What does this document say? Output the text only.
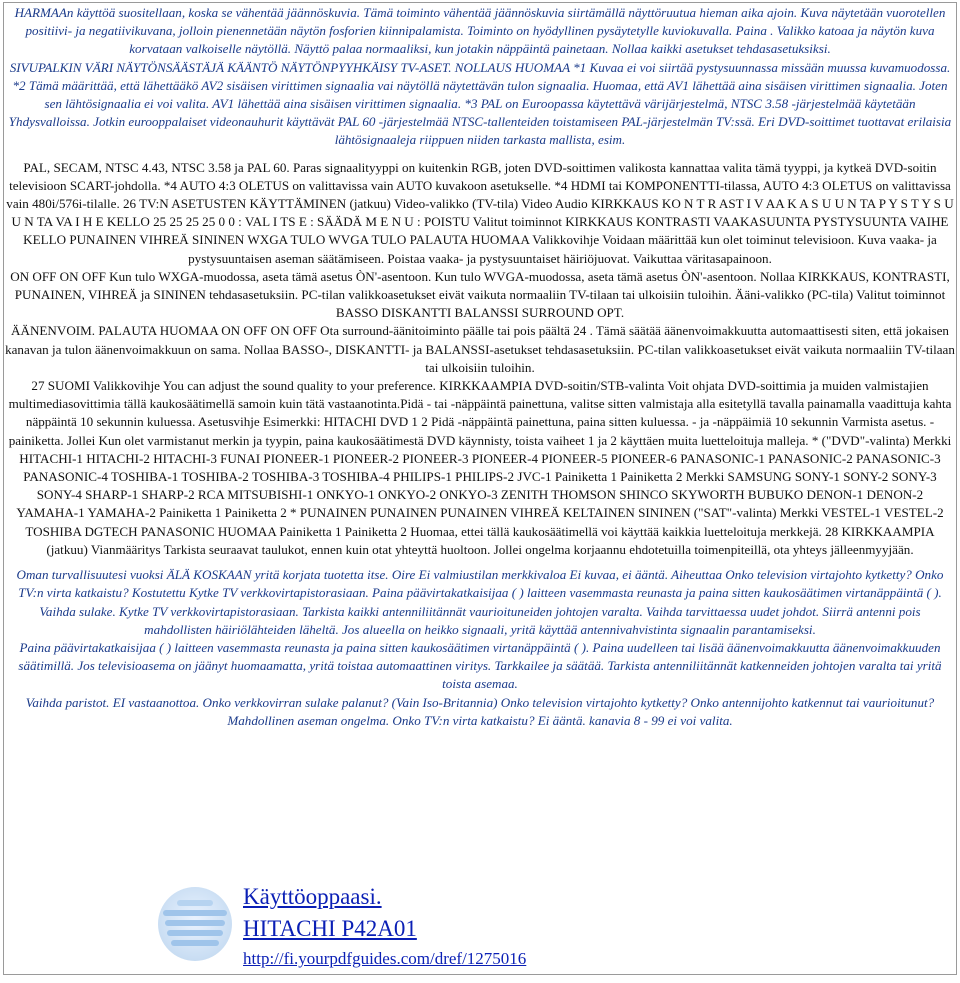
HARMAAn käyttöä suositellaan, koska se vähentää jäännöskuvia. Tämä toiminto vähentää jäännöskuvia siirtämällä näyttöruutua hieman aika ajoin. Kuva näytetään vuorotellen positiivi- ja negatiivikuvana, jolloin pienennetään näytön fosforien kiinnipalamista. Toiminto on hyödyllinen pysäytetylle kuviokuvalla. Paina . Valikko katoaa ja näytön kuva korvataan valkoiselle näytöllä. Näyttö palaa normaaliksi, kun jotakin näppäintä painetaan. Nollaa kaikki asetukset tehdasasetuksiksi.

SIVUPALKIN VÄRI NÄYTÖNSÄÄSTÄJÄ KÄÄNTÖ NÄYTÖNPYYHKÄISY TV-ASET. NOLLAUS HUOMAA *1 Kuvaa ei voi siirtää pystysuunnassa missään muussa kuvamuodossa. *2 Tämä määrittää, että lähettääkö AV2 sisäisen virittimen signaalia vai näytöllä näytettävän tulon signaalia. Huomaa, että AV1 lähettää aina sisäisen virittimen signaalia. Joten sen lähtösignaalia ei voi valita. AV1 lähettää aina sisäisen virittimen signaalia. *3 PAL on Euroopassa käytettävä värijärjestelmä, NTSC 3.58 -järjestelmää käytetään Yhdysvalloissa. Jotkin eurooppalaiset videonauhurit käyttävät PAL 60 -järjestelmää NTSC-tallenteiden toistamiseen PAL-järjestelmän TV:ssä. Eri DVD-soittimet tuottavat erilaisia lähtösignaaleja riippuen niiden tarkasta mallista, esim.

PAL, SECAM, NTSC 4.43, NTSC 3.58 ja PAL 60. Paras signaalityyppi on kuitenkin RGB, joten DVD-soittimen valikosta kannattaa valita tämä tyyppi, ja kytkeä DVD-soitin televisioon SCART-johdolla. *4 AUTO 4:3 OLETUS on valittavissa vain AUTO kuvakoon asetukselle. *4 HDMI tai KOMPONENTTI-tilassa, AUTO 4:3 OLETUS on valittavissa vain 480i/576i-tilalle. 26 TV:N ASETUSTEN KÄYTTÄMINEN (jatkuu) Video-valikko (TV-tila) Video Audio KIRKKAUS KO N T R AST I V AA K A S U U N TA P Y S T Y S U U N TA VA I H E KELLO 25 25 25 25 0 0 : VAL I TS E : SÄÄDÄ M E N U : POISTU Valitut toiminnot KIRKKAUS KONTRASTI VAAKASUUNTA PYSTYSUUNTA VAIHE KELLO PUNAINEN VIHREÄ SININEN WXGA TULO WVGA TULO PALAUTA HUOMAA Valikkovihje Voidaan määrittää kun olet toiminut televisioon. Kuva vaaka- ja pystysuuntaisen aseman säätämiseen. Poistaa vaaka- ja pystysuuntaiset häiriöjuovat. Vaikuttaa väritasapainoon.

ON OFF ON OFF Kun tulo WXGA-muodossa, aseta tämä asetus ÒN'-asentoon. Kun tulo WVGA-muodossa, aseta tämä asetus ÒN'-asentoon. Nollaa KIRKKAUS, KONTRASTI, PUNAINEN, VIHREÄ ja SININEN tehdasasetuksiin. PC-tilan valikkoasetukset eivät vaikuta normaaliin TV-tilaan tai ulkoisiin tuloihin. Ääni-valikko (PC-tila) Valitut toiminnot BASSO DISKANTTI BALANSSI SURROUND OPT.

ÄÄNENVOIM. PALAUTA HUOMAA ON OFF ON OFF Ota surround-äänitoiminto päälle tai pois päältä 24 . Tämä säätää äänenvoimakkuutta automaattisesti siten, että jokaisen kanavan ja tulon äänenvoimakkuun on sama. Nollaa BASSO-, DISKANTTI- ja BALANSSI-asetukset tehdasasetuksiin. PC-tilan valikkoasetukset eivät vaikuta normaaliin TV-tilaan tai ulkoisiin tuloihin.

27 SUOMI Valikkovihje You can adjust the sound quality to your preference. KIRKKAAMPIA DVD-soitin/STB-valinta Voit ohjata DVD-soittimia ja muiden valmistajien multimediasovittimia tällä kaukosäätimellä samoin kuin tätä vastaanotinta.Pidä - tai -näppäintä painettuna, valitse sitten valmistaja alla esitetyllä tavalla painamalla vaadittuja kahta näppäintä 10 sekunnin kuluessa. Asetusvihje Esimerkki: HITACHI DVD 1 2 Pidä -näppäintä painettuna, paina sitten kuluessa. - ja -näppäimiä 10 sekunnin Varmista asetus. -painiketta. Jollei Kun olet varmistanut merkin ja tyypin, paina kaukosäätimestä DVD käynnisty, toista vaiheet 1 ja 2 käyttäen muita luetteloituja malleja. * ("DVD"-valinta) Merkki HITACHI-1 HITACHI-2 HITACHI-3 FUNAI PIONEER-1 PIONEER-2 PIONEER-3 PIONEER-4 PIONEER-5 PIONEER-6 PANASONIC-1 PANASONIC-2 PANASONIC-3 PANASONIC-4 TOSHIBA-1 TOSHIBA-2 TOSHIBA-3 TOSHIBA-4 PHILIPS-1 PHILIPS-2 JVC-1 Painiketta 1 Painiketta 2 Merkki SAMSUNG SONY-1 SONY-2 SONY-3 SONY-4 SHARP-1 SHARP-2 RCA MITSUBISHI-1 ONKYO-1 ONKYO-2 ONKYO-3 ZENITH THOMSON SHINCO SKYWORTH BUBUKO DENON-1 DENON-2 YAMAHA-1 YAMAHA-2 Painiketta 1 Painiketta 2 * PUNAINEN PUNAINEN PUNAINEN VIHREÄ KELTAINEN SININEN ("SAT"-valinta) Merkki VESTEL-1 VESTEL-2 TOSHIBA DGTECH PANASONIC HUOMAA Painiketta 1 Painiketta 2 Huomaa, ettei tällä kaukosäätimellä voi käyttää kaikkia luetteloituja merkkejä. 28 KIRKKAAMPIA (jatkuu) Vianmääritys Tarkista seuraavat taulukot, ennen kuin otat yhteyttä huoltoon. Jollei ongelma korjaannu ehdotetuilla toimenpiteillä, ota yhteys jälleenmyyjään.

Oman turvallisuutesi vuoksi ÄLÄ KOSKAAN yritä korjata tuotetta itse. Oire Ei valmiustilan merkkivaloa Ei kuvaa, ei ääntä. Aiheuttaa Onko television virtajohto kytketty? Onko TV:n virta katkaistu? Kostutettu Kytke TV verkkovirtapistorasiaan. Paina päävirtakatkaisijaa ( ) laitteen vasemmasta reunasta ja paina sitten kaukosäätimen virtanäppäintä ( ). Vaihda sulake. Kytke TV verkkovirtapistorasiaan. Tarkista kaikki antenniliitännät vaurioituneiden johtojen varalta. Vaihda tarvittaessa uudet johdot. Siirrä antenni pois mahdollisten häiriölähteiden läheltä. Jos alueella on heikko signaali, yritä käyttää antennivahvistinta signaalin parantamiseksi.

Paina päävirtakatkaisijaa ( ) laitteen vasemmasta reunasta ja paina sitten kaukosäätimen virtanäppäintä ( ). Paina uudelleen tai lisää äänenvoimakkuutta äänenvoimakkuuden säätimillä. Jos televisioasema on jäänyt huomaamatta, yritä toistaa automaattinen viritys. Tarkkailee ja säätää. Tarkista antenniliitännät katkenneiden johtojen varalta tai yritä toista asemaa.

Vaihda paristot. EI vastaanottoa. Onko verkkovirran sulake palanut? (Vain Iso-Britannia) Onko television virtajohto kytketty? Onko antennijohto katkennut tai vaurioitunut? Mahdollinen aseman ongelma. Onko TV:n virta katkaistu? Ei ääntä. kanavia 8 - 99 ei voi valita.

Käyttöoppaasi.
HITACHI P42A01
http://fi.yourpdfguides.com/dref/1275016
